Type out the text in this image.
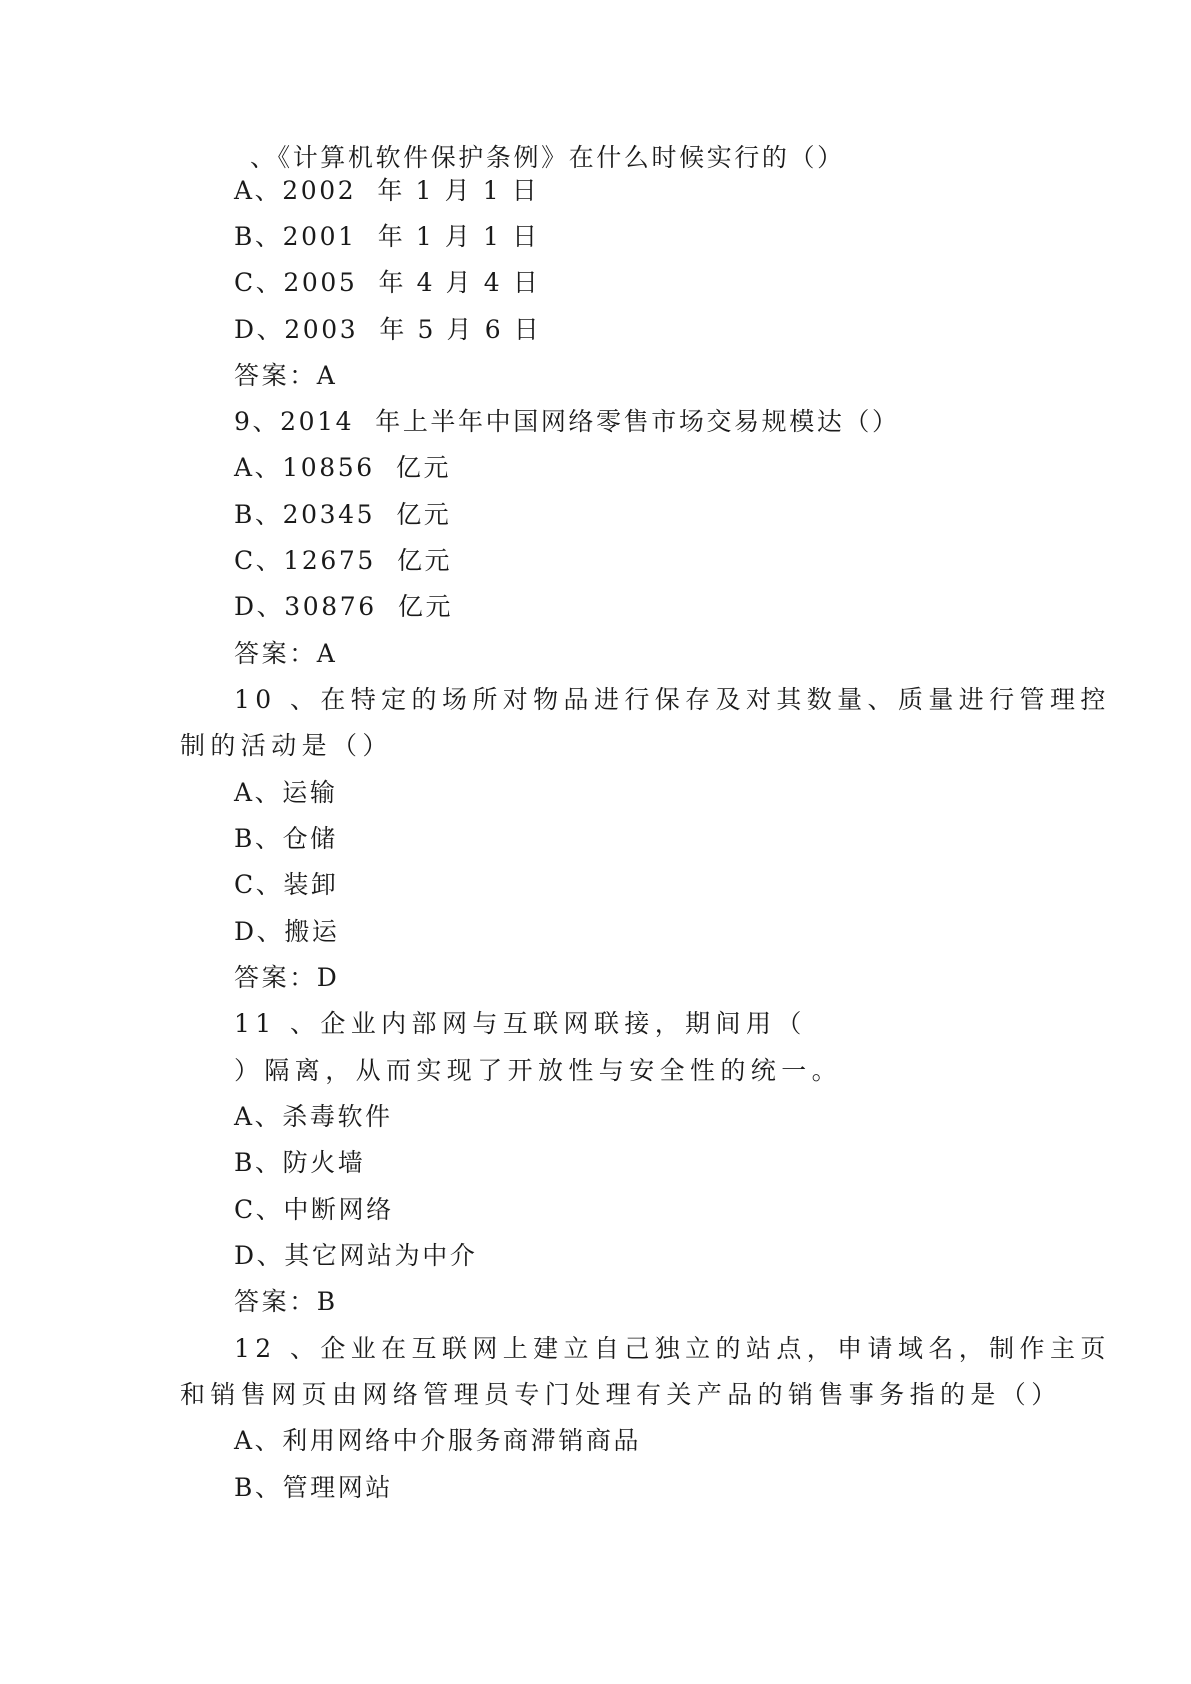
、《计算机软件保护条例》在什么时候实行的（）
A、2002  年 1 月 1 日
B、2001  年 1 月 1 日
C、2005  年 4 月 4 日
D、2003  年 5 月 6 日
答案：A
9、2014  年上半年中国网络零售市场交易规模达（）
A、10856  亿元
B、20345  亿元
C、12675  亿元
D、30876  亿元
答案：A
10 、在特定的场所对物品进行保存及对其数量、质量进行管理控
制的活动是（）
A、运输
B、仓储
C、装卸
D、搬运
答案：D
11 、企业内部网与互联网联接，期间用（
）隔离，从而实现了开放性与安全性的统一。
A、杀毒软件
B、防火墙
C、中断网络
D、其它网站为中介
答案：B
12 、企业在互联网上建立自己独立的站点，申请域名，制作主页
和销售网页由网络管理员专门处理有关产品的销售事务指的是（）
A、利用网络中介服务商滞销商品
B、管理网站
